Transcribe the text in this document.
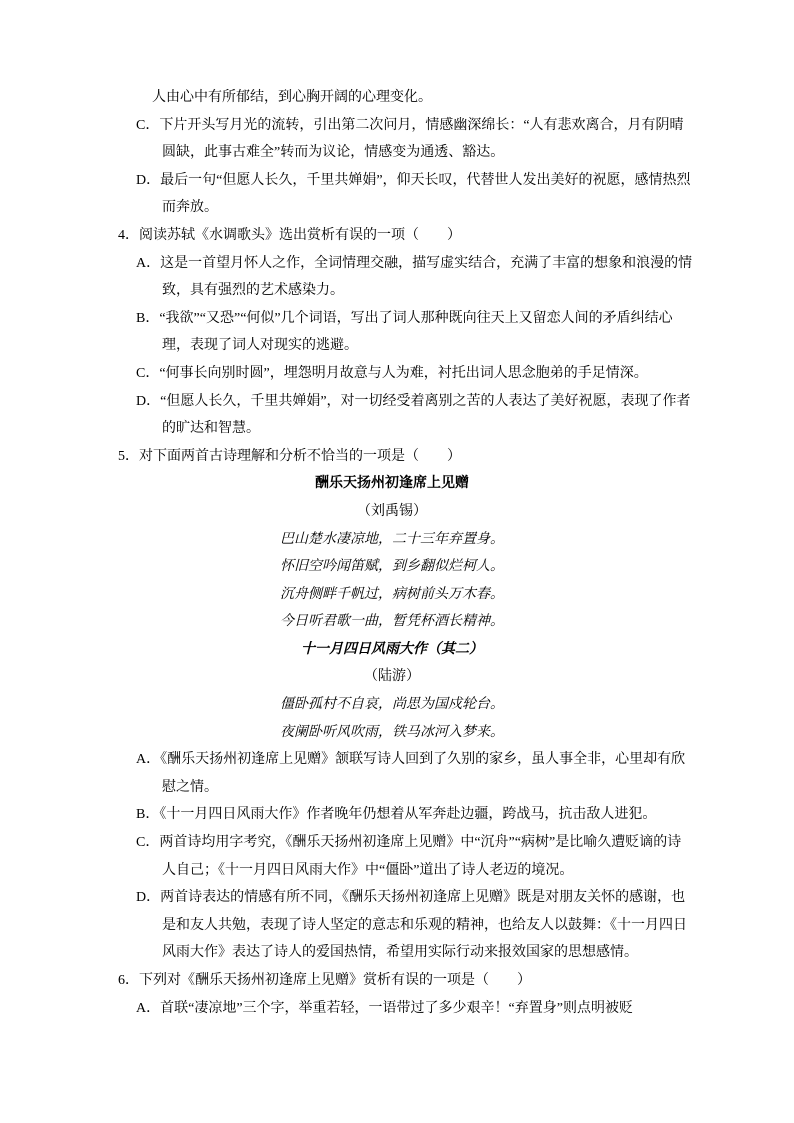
人由心中有所郁结，到心胸开阔的心理变化。
C．下片开头写月光的流转，引出第二次问月，情感幽深绵长：“人有悲欢离合，月有阴晴圆缺，此事古难全”转而为议论，情感变为通透、豁达。
D．最后一句“但愿人长久，千里共婵娟”，仰天长叹，代替世人发出美好的祝愿，感情热烈而奔放。
4．阅读苏轼《水调歌头》选出赏析有误的一项（　　）
A．这是一首望月怀人之作，全词情理交融，描写虚实结合，充满了丰富的想象和浪漫的情致，具有强烈的艺术感染力。
B．“我欲”“又恐”“何似”几个词语，写出了词人那种既向往天上又留恋人间的矛盾纠结心理，表现了词人对现实的逃避。
C．“何事长向别时圆”，埋怨明月故意与人为难，衬托出词人思念胞弟的手足情深。
D．“但愿人长久，千里共婵娟”，对一切经受着离别之苦的人表达了美好祝愿，表现了作者的旷达和智慧。
5．对下面两首古诗理解和分析不恰当的一项是（　　）
酬乐天扬州初逢席上见赠
（刘禹锡）
巴山楚水凄凉地，二十三年弃置身。
怀旧空吟闻笛赋，到乡翻似烂柯人。
沉舟侧畔千帆过，病树前头万木春。
今日听君歌一曲，暂凭杯酒长精神。
十一月四日风雨大作（其二）
（陆游）
僵卧孤村不自哀，尚思为国戍轮台。
夜阑卧听风吹雨，铁马冰河入梦来。
A．《酬乐天扬州初逢席上见赠》颔联写诗人回到了久别的家乡，虽人事全非，心里却有欣慰之情。
B．《十一月四日风雨大作》作者晚年仍想着从军奔赴边疆，跨战马，抗击敌人进犯。
C．两首诗均用字考究，《酬乐天扬州初逢席上见赠》中“沉舟”“病树”是比喻久遭贬谪的诗人自己；《十一月四日风雨大作》中“僵卧”道出了诗人老迈的境况。
D．两首诗表达的情感有所不同，《酬乐天扬州初逢席上见赠》既是对朋友关怀的感谢，也是和友人共勉，表现了诗人坚定的意志和乐观的精神，也给友人以鼓舞：《十一月四日风雨大作》表达了诗人的爱国热情，希望用实际行动来报效国家的思想感情。
6．下列对《酬乐天扬州初逢席上见赠》赏析有误的一项是（　　）
A．首联“凄凉地”三个字，举重若轻，一语带过了多少艰辛！“弃置身”则点明被贬
